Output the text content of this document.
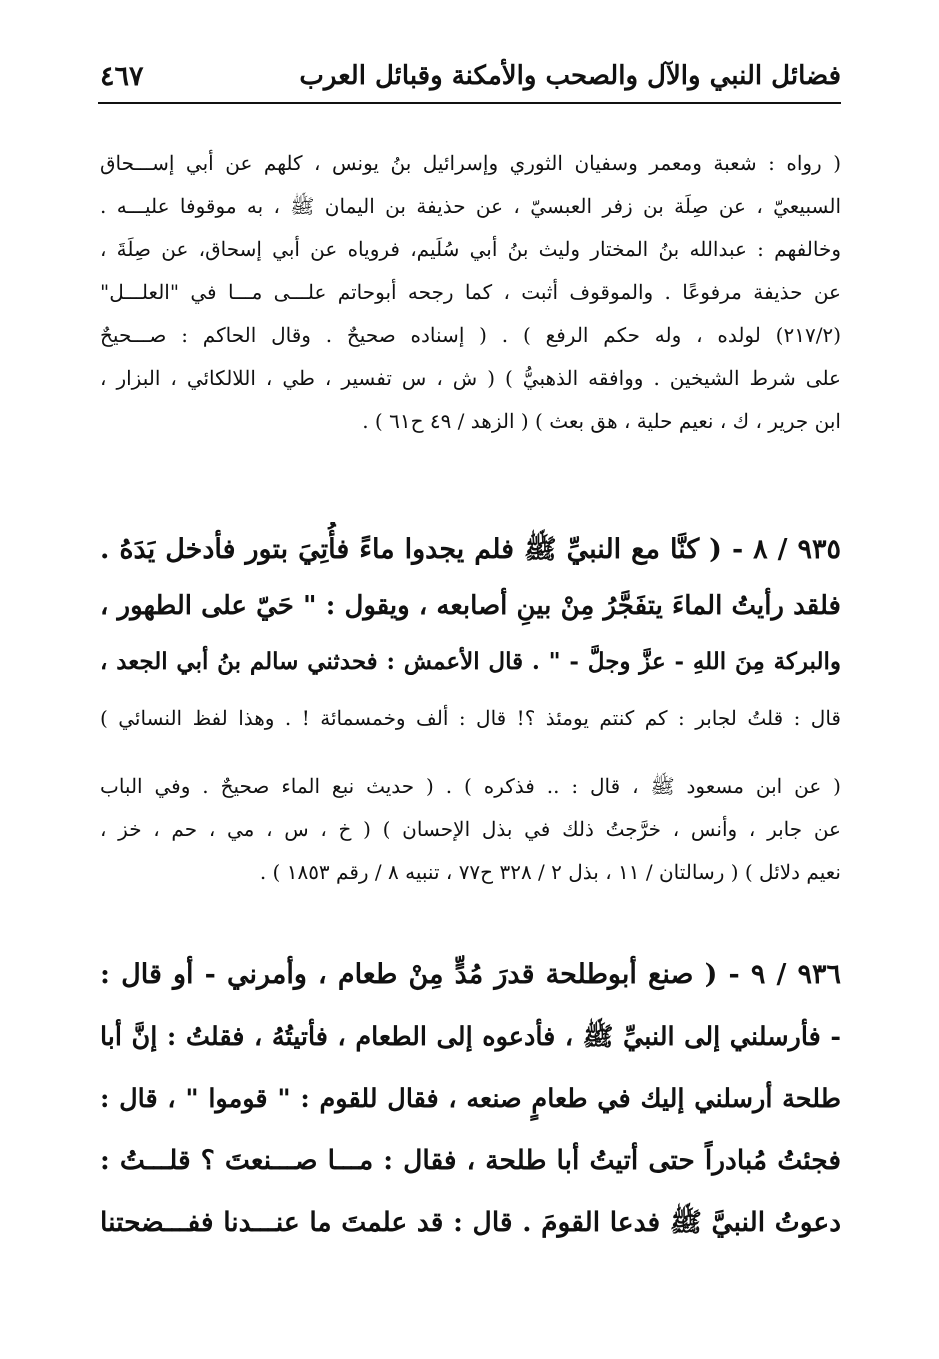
فضائل النبي والآل والصحب والأمكنة وقبائل العرب
٤٦٧
( رواه : شعبة ومعمر وسفيان الثوري وإسرائيل بنُ يونس ، كلهم عن أبي إســـحاق
السبيعيّ ، عن صِلَة بن زفر العبسيّ ، عن حذيفة بن اليمان ﷺ ، به موقوفا عليـــه .
وخالفهم : عبدالله بنُ المختار وليث بنُ أبي سُلَيم، فروياه عن أبي إسحاق، عن صِلَةَ ،
عن حذيفة مرفوعًا . والموقوف أثبت ، كما رجحه أبوحاتم علـــى مـــا في "العلـــل"
(٢١٧/٢) لولده ، وله حكم الرفع ) . ( إسناده صحيحٌ . وقال الحاكم : صـــحيحٌ
على شرط الشيخين . ووافقه الذهبيُّ ) ( ش ، س تفسير ، طي ، اللالكائي ، البزار ،
ابن جرير ، ك ، نعيم حلية ، هق بعث ) ( الزهد / ٤٩ ح٦١ ) .
٩٣٥ / ٨ - ( كنَّا مع النبيِّ ﷺ فلم يجدوا ماءً فأُتِيَ بتور فأدخل يَدَهُ .
فلقد رأيتُ الماءَ يتفَجَّرُ مِنْ بينِ أصابعه ، ويقول : " حَيّ على الطهور ،
والبركة مِنَ اللهِ - عزَّ وجلَّ - " . قال الأعمش : فحدثني سالم بنُ أبي الجعد ،
قال : قلتُ لجابر : كم كنتم يومئذ ؟! قال : ألف وخمسمائة ! . وهذا لفظ النسائي )
( عن ابن مسعود ﷺ ، قال : .. فذكره ) . ( حديث نبع الماء صحيحٌ . وفي الباب
عن جابر ، وأنس ، خرَّجتُ ذلك في بذل الإحسان ) ( خ ، س ، مي ، حم ، خز ،
نعيم دلائل ) ( رسالتان / ١١ ، بذل ٢ / ٣٢٨ ح٧٧ ، تنبيه ٨ / رقم ١٨٥٣ ) .
٩٣٦ / ٩ - ( صنع أبوطلحة قدرَ مُدٍّ مِنْ طعام ، وأمرني - أو قال :
- فأرسلني إلى النبيِّ ﷺ ، فأدعوه إلى الطعام ، فأتيتُهُ ، فقلتُ : إنَّ أبا
طلحة أرسلني إليك في طعامٍ صنعه ، فقال للقوم : " قوموا " ، قال :
فجئتُ مُبادراً حتى أتيتُ أبا طلحة ، فقال : مـــا صـــنعتَ ؟ قلـــتُ :
دعوتُ النبيَّ ﷺ فدعا القومَ . قال : قد علمتَ ما عنـــدنا ففـــضحتنا
